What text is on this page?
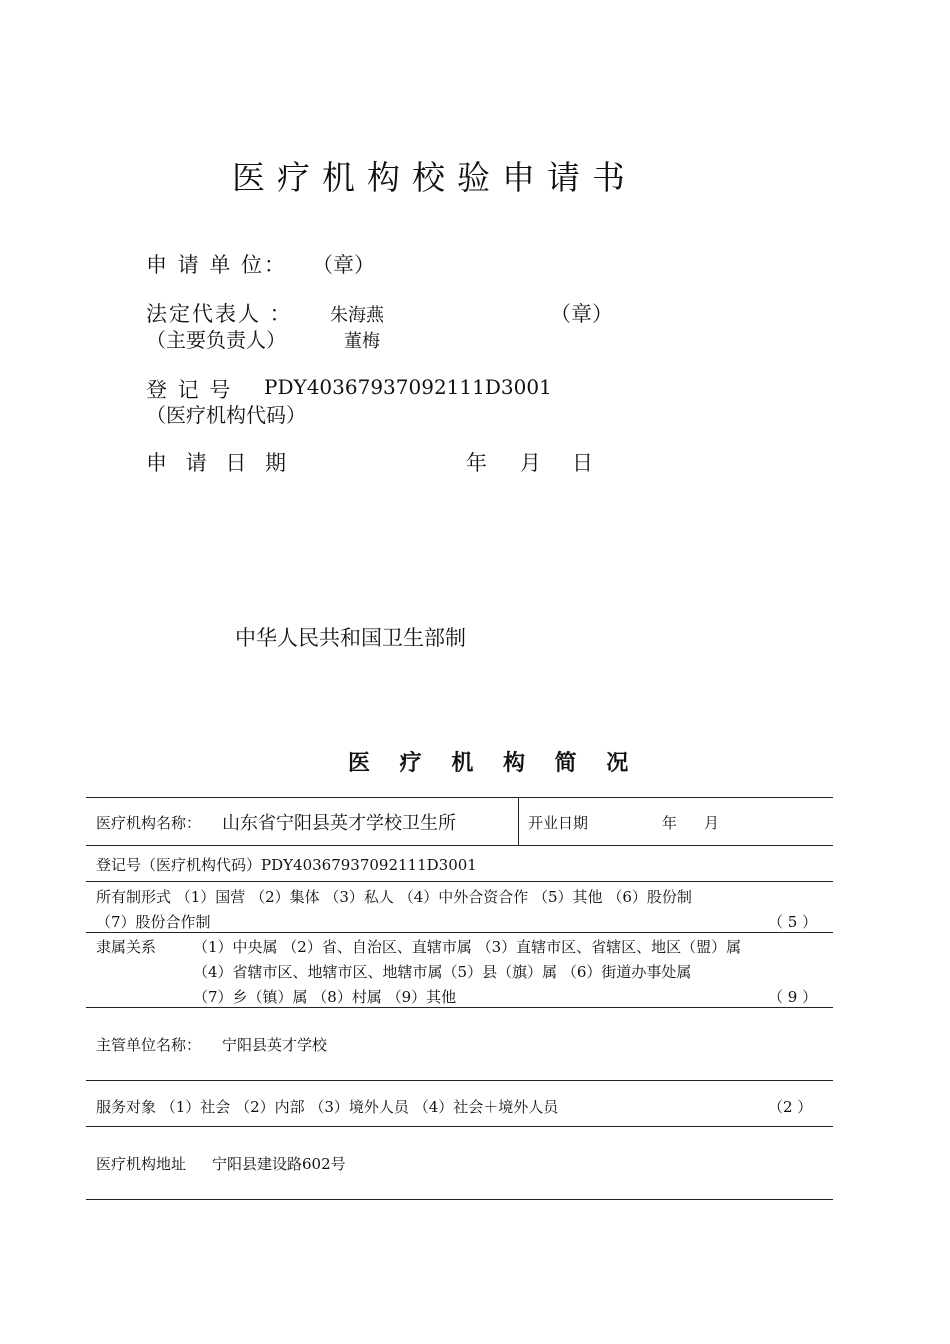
医疗机构校验申请书
申 请 单 位： （章）
法定代表人 ： 朱海燕	（章）
（主要负责人）	董梅
登 记 号 PDY40367937092111D3001
（医疗机构代码）
申 请 日 期	年 月 日
中华人民共和国卫生部制
医 疗 机 构 简 况
医疗机构名称： 山东省宁阳县英才学校卫生所	开业日期	年 月
登记号（医疗机构代码）PDY40367937092111D3001
所有制形式 （1）国营 （2）集体 （3）私人 （4）中外合资合作 （5）其他 （6）股份制
（7）股份合作制	（ 5 ）
隶属关系 （1）中央属 （2）省、自治区、直辖市属 （3）直辖市区、省辖区、地区（盟）属
（4）省辖市区、地辖市区、地辖市属（5）县（旗）属 （6）街道办事处属
（7）乡（镇）属 （8）村属 （9）其他	（ 9 ）
主管单位名称： 宁阳县英才学校
服务对象 （1）社会 （2）内部 （3）境外人员 （4）社会＋境外人员	（2 ）
医疗机构地址 宁阳县建设路602号
